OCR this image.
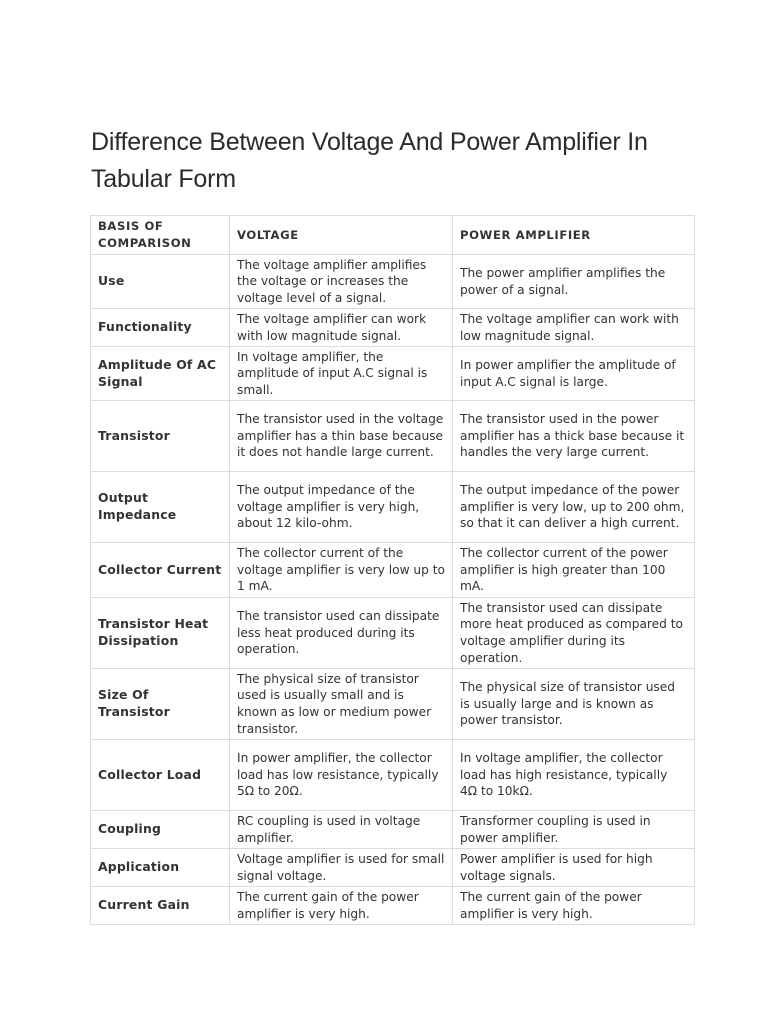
Difference Between Voltage And Power Amplifier In Tabular Form
BASIS OF COMPARISON	VOLTAGE	POWER AMPLIFIER
Use	The voltage amplifier amplifies the voltage or increases the voltage level of a signal.	The power amplifier amplifies the power of a signal.
Functionality	The voltage amplifier can work with low magnitude signal.	The voltage amplifier can work with low magnitude signal.
Amplitude Of AC Signal	In voltage amplifier, the amplitude of input A.C signal is small.	In power amplifier the amplitude of input A.C signal is large.
Transistor	The transistor used in the voltage amplifier has a thin base because it does not handle large current.	The transistor used in the power amplifier has a thick base because it handles the very large current.
Output Impedance	The output impedance of the voltage amplifier is very high, about 12 kilo-ohm.	The output impedance of the power amplifier is very low, up to 200 ohm, so that it can deliver a high current.
Collector Current	The collector current of the voltage amplifier is very low up to 1 mA.	The collector current of the power amplifier is high greater than 100 mA.
Transistor Heat Dissipation	The transistor used can dissipate less heat produced during its operation.	The transistor used can dissipate more heat produced as compared to voltage amplifier during its operation.
Size Of Transistor	The physical size of transistor used is usually small and is known as low or medium power transistor.	The physical size of transistor used is usually large and is known as power transistor.
Collector Load	In power amplifier, the collector load has low resistance, typically 5Ω to 20Ω.	In voltage amplifier, the collector load has high resistance, typically 4Ω to 10kΩ.
Coupling	RC coupling is used in voltage amplifier.	Transformer coupling is used in power amplifier.
Application	Voltage amplifier is used for small signal voltage.	Power amplifier is used for high voltage signals.
Current Gain	The current gain of the power amplifier is very high.	The current gain of the power amplifier is very high.
